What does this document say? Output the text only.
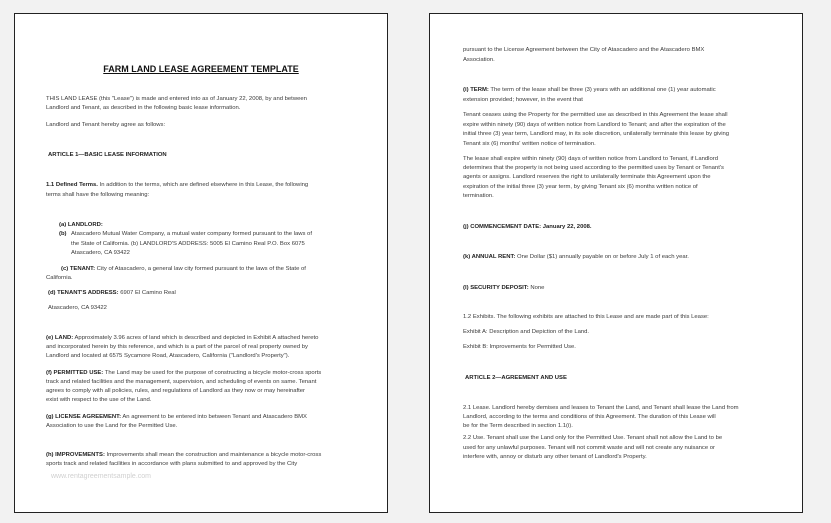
FARM LAND LEASE AGREEMENT TEMPLATE
THIS LAND LEASE (this "Lease") is made and entered into as of January 22, 2008, by and between
Landlord and Tenant, as described in the following basic lease information.
Landlord and Tenant hereby agree as follows:
ARTICLE 1—BASIC LEASE INFORMATION
1.1 Defined Terms. In addition to the terms, which are defined elsewhere in this Lease, the following
terms shall have the following meaning:
(a) LANDLORD:
(b) Atascadero Mutual Water Company, a mutual water company formed pursuant to the laws of
the State of California. (b) LANDLORD'S ADDRESS: 5005 El Camino Real P.O. Box 6075
Atascadero, CA 93422
(c) TENANT: City of Atascadero, a general law city formed pursuant to the laws of the State of
California.
(d) TENANT'S ADDRESS: 6907 El Camino Real
Atascadero, CA 93422
(e) LAND: Approximately 3.96 acres of land which is described and depicted in Exhibit A attached hereto
and incorporated herein by this reference, and which is a part of the parcel of real property owned by
Landlord and located at 6575 Sycamore Road, Atascadero, California ("Landlord's Property").
(f) PERMITTED USE: The Land may be used for the purpose of constructing a bicycle motor-cross sports
track and related facilities and the management, supervision, and scheduling of events on same. Tenant
agrees to comply with all policies, rules, and regulations of Landlord as they now or may hereinafter
exist with respect to the use of the Land.
(g) LICENSE AGREEMENT: An agreement to be entered into between Tenant and Atascadero BMX
Association to use the Land for the Permitted Use.
(h) IMPROVEMENTS: Improvements shall mean the construction and maintenance a bicycle motor-cross
sports track and related facilities in accordance with plans submitted to and approved by the City
www.rentagreementsample.com
pursuant to the License Agreement between the City of Atascadero and the Atascadero BMX
Association.
(i) TERM: The term of the lease shall be three (3) years with an additional one (1) year automatic
extension provided; however, in the event that
Tenant ceases using the Property for the permitted use as described in this Agreement the lease shall
expire within ninety (90) days of written notice from Landlord to Tenant; and after the expiration of the
initial three (3) year term, Landlord may, in its sole discretion, unilaterally terminate this lease by giving
Tenant six (6) months' written notice of termination.
The lease shall expire within ninety (90) days of written notice from Landlord to Tenant, if Landlord
determines that the property is not being used according to the permitted uses by Tenant or Tenant's
agents or assigns. Landlord reserves the right to unilaterally terminate this Agreement upon the
expiration of the initial three (3) year term, by giving Tenant six (6) months written notice of
termination.
(j) COMMENCEMENT DATE: January 22, 2008.
(k) ANNUAL RENT: One Dollar ($1) annually payable on or before July 1 of each year.
(l) SECURITY DEPOSIT: None
1.2 Exhibits. The following exhibits are attached to this Lease and are made part of this Lease:
Exhibit A: Description and Depiction of the Land.
Exhibit B: Improvements for Permitted Use.
ARTICLE 2—AGREEMENT AND USE
2.1 Lease. Landlord hereby demises and leases to Tenant the Land, and Tenant shall lease the Land from
Landlord, according to the terms and conditions of this Agreement. The duration of this Lease will
be for the Term described in section 1.1(i).
2.2 Use. Tenant shall use the Land only for the Permitted Use. Tenant shall not allow the Land to be
used for any unlawful purposes. Tenant will not commit waste and will not create any nuisance or
interfere with, annoy or disturb any other tenant of Landlord's Property.
